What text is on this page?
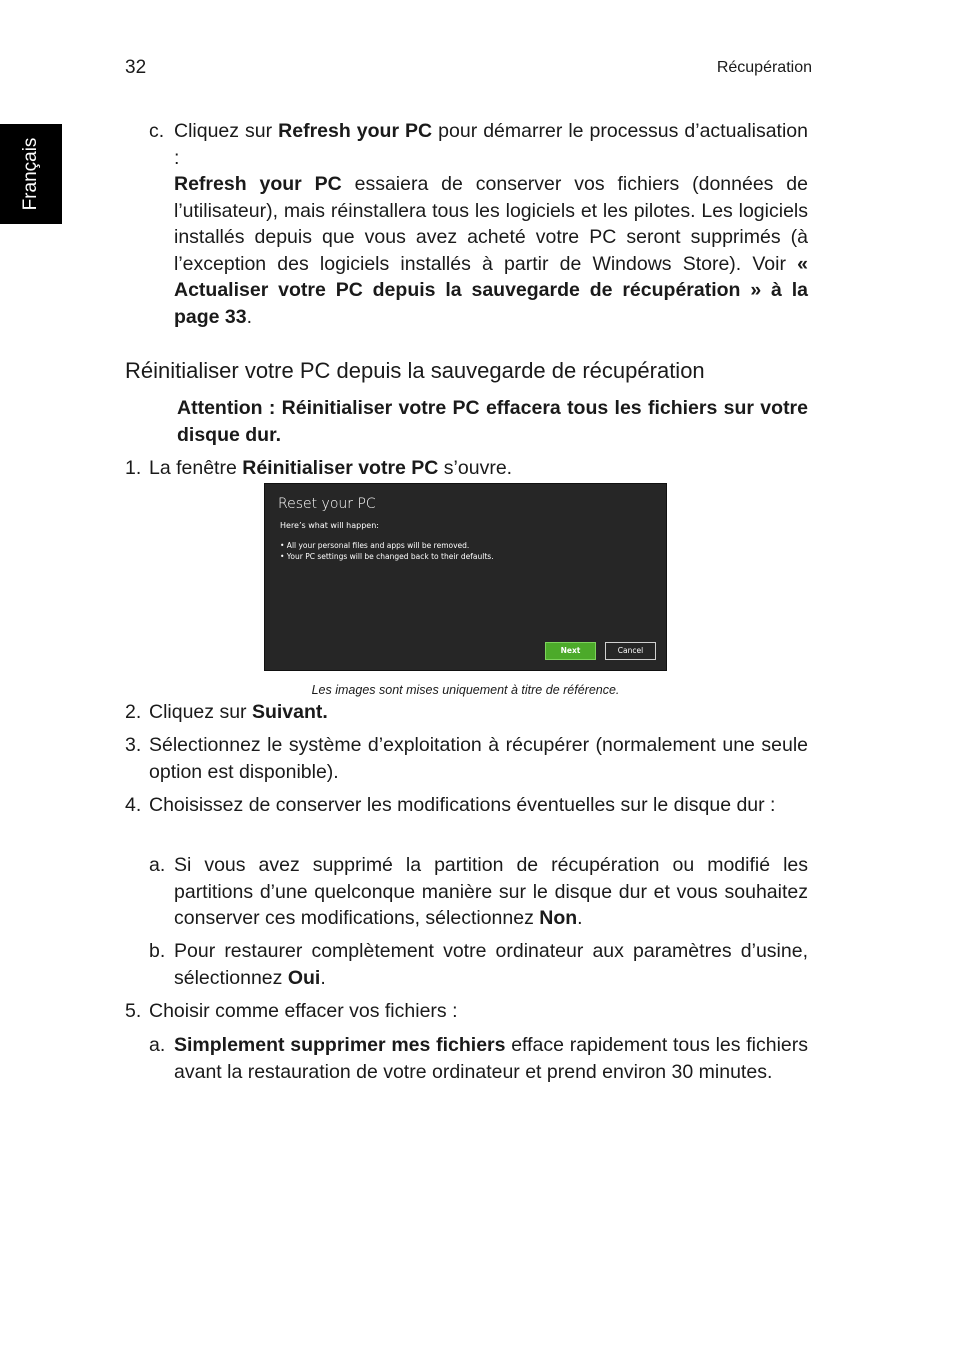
32	Récupération
Français
c. Cliquez sur Refresh your PC pour démarrer le processus d’actualisation :
Refresh your PC essaiera de conserver vos fichiers (données de l’utilisateur), mais réinstallera tous les logiciels et les pilotes. Les logiciels installés depuis que vous avez acheté votre PC seront supprimés (à l’exception des logiciels installés à partir de Windows Store). Voir « Actualiser votre PC depuis la sauvegarde de récupération » à la page 33.
Réinitialiser votre PC depuis la sauvegarde de récupération
Attention : Réinitialiser votre PC effacera tous les fichiers sur votre disque dur.
1. La fenêtre Réinitialiser votre PC s’ouvre.
Reset your PC
Here’s what will happen:
• All your personal files and apps will be removed.
• Your PC settings will be changed back to their defaults.
Next	Cancel
Les images sont mises uniquement à titre de référence.
2. Cliquez sur Suivant.
3. Sélectionnez le système d’exploitation à récupérer (normalement une seule option est disponible).
4. Choisissez de conserver les modifications éventuelles sur le disque dur :
a. Si vous avez supprimé la partition de récupération ou modifié les partitions d’une quelconque manière sur le disque dur et vous souhaitez conserver ces modifications, sélectionnez Non.
b. Pour restaurer complètement votre ordinateur aux paramètres d’usine, sélectionnez Oui.
5. Choisir comme effacer vos fichiers :
a. Simplement supprimer mes fichiers efface rapidement tous les fichiers avant la restauration de votre ordinateur et prend environ 30 minutes.
